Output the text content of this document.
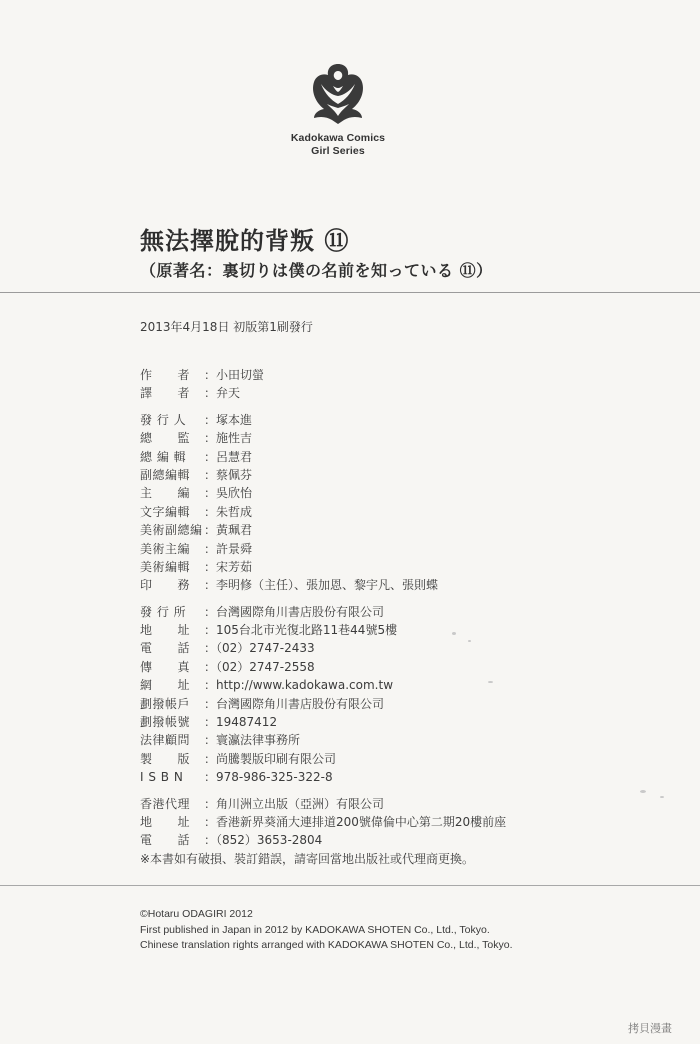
Kadokawa Comics
Girl Series
無法擇脫的背叛 ⑪
（原著名：裏切りは僕の名前を知っている ⑪）
2013年4月18日 初版第1刷發行
作　　者 ：小田切螢
譯　　者 ：弁天
發 行 人 ：塚本進
總　　監 ：施性吉
總 編 輯 ：呂慧君
副總編輯 ：蔡佩芬
主　　編 ：吳欣怡
文字編輯 ：朱哲成
美術副總編：黃珮君
美術主編 ：許景舜
美術編輯 ：宋芳茹
印　　務 ：李明修（主任）、張加恩、黎宇凡、張則蝶
發 行 所 ：台灣國際角川書店股份有限公司
地　　址 ：105台北市光復北路11巷44號5樓
電　　話 ：（02）2747-2433
傳　　真 ：（02）2747-2558
網　　址 ：http://www.kadokawa.com.tw
劃撥帳戶 ：台灣國際角川書店股份有限公司
劃撥帳號 ：19487412
法律顧問 ：寰瀛法律事務所
製　　版 ：尚騰製版印刷有限公司
I S B N ：978-986-325-322-8
香港代理 ：角川洲立出版（亞洲）有限公司
地　　址 ：香港新界葵涌大連排道200號偉倫中心第二期20樓前座
電　　話 ：（852）3653-2804
※本書如有破損、裝訂錯誤，請寄回當地出版社或代理商更換。
©Hotaru ODAGIRI 2012
First published in Japan in 2012 by KADOKAWA SHOTEN Co., Ltd., Tokyo.
Chinese translation rights arranged with KADOKAWA SHOTEN Co., Ltd., Tokyo.
拷貝漫畫
